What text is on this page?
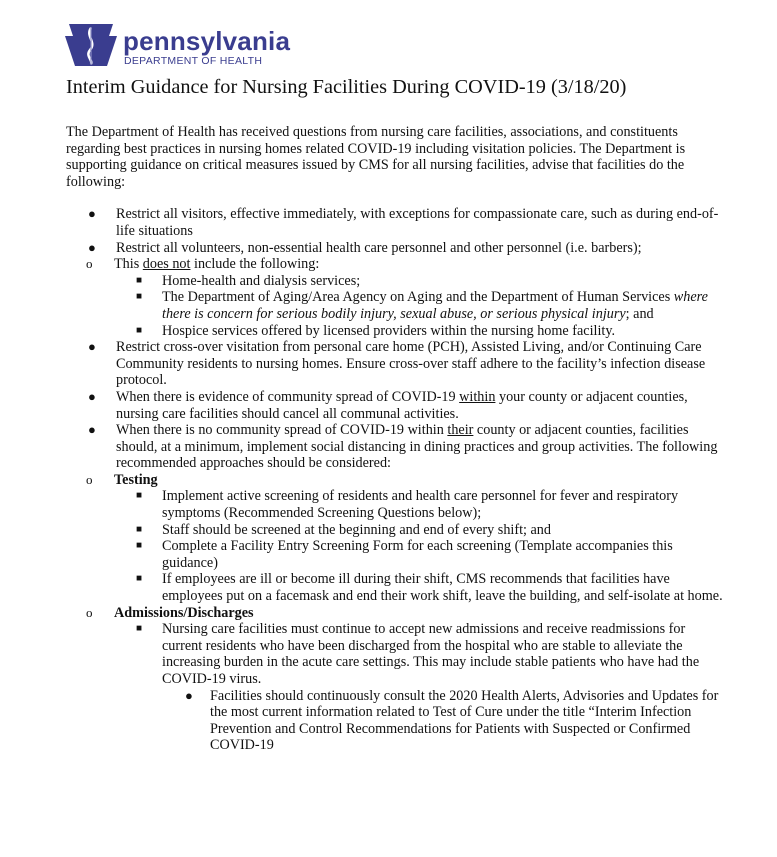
pennsylvania
DEPARTMENT OF HEALTH
Interim Guidance for Nursing Facilities During COVID-19 (3/18/20)

The Department of Health has received questions from nursing care facilities, associations, and constituents regarding best practices in nursing homes related COVID-19 including visitation policies. The Department is supporting guidance on critical measures issued by CMS for all nursing facilities, advise that facilities do the following:

● Restrict all visitors, effective immediately, with exceptions for compassionate care, such as during end-of-life situations
● Restrict all volunteers, non-essential health care personnel and other personnel (i.e. barbers);
o This does not include the following:
■ Home-health and dialysis services;
■ The Department of Aging/Area Agency on Aging and the Department of Human Services where there is concern for serious bodily injury, sexual abuse, or serious physical injury; and
■ Hospice services offered by licensed providers within the nursing home facility.
● Restrict cross-over visitation from personal care home (PCH), Assisted Living, and/or Continuing Care Community residents to nursing homes. Ensure cross-over staff adhere to the facility’s infection disease protocol.
● When there is evidence of community spread of COVID-19 within your county or adjacent counties, nursing care facilities should cancel all communal activities.
● When there is no community spread of COVID-19 within their county or adjacent counties, facilities should, at a minimum, implement social distancing in dining practices and group activities. The following recommended approaches should be considered:
o Testing
■ Implement active screening of residents and health care personnel for fever and respiratory symptoms (Recommended Screening Questions below);
■ Staff should be screened at the beginning and end of every shift; and
■ Complete a Facility Entry Screening Form for each screening (Template accompanies this guidance)
■ If employees are ill or become ill during their shift, CMS recommends that facilities have employees put on a facemask and end their work shift, leave the building, and self-isolate at home.
o Admissions/Discharges
■ Nursing care facilities must continue to accept new admissions and receive readmissions for current residents who have been discharged from the hospital who are stable to alleviate the increasing burden in the acute care settings. This may include stable patients who have had the COVID-19 virus.
● Facilities should continuously consult the 2020 Health Alerts, Advisories and Updates for the most current information related to Test of Cure under the title “Interim Infection Prevention and Control Recommendations for Patients with Suspected or Confirmed COVID-19
